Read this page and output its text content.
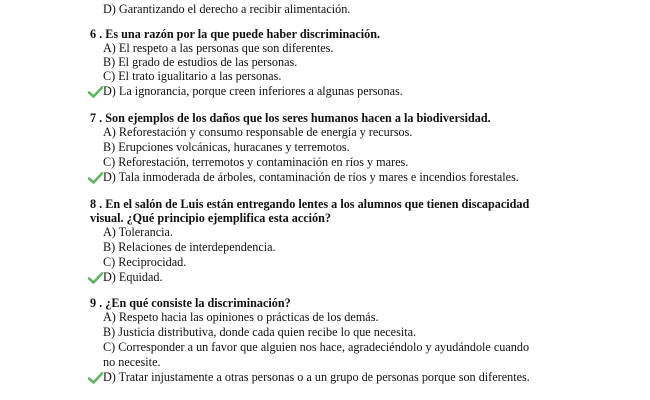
D) Garantizando el derecho a recibir alimentación.
6 . Es una razón por la que puede haber discriminación.
A) El respeto a las personas que son diferentes.
B) El grado de estudios de las personas.
C) El trato igualitario a las personas.
D) La ignorancia, porque creen inferiores a algunas personas.
7 . Son ejemplos de los daños que los seres humanos hacen a la biodiversidad.
A) Reforestación y consumo responsable de energía y recursos.
B) Erupciones volcánicas, huracanes y terremotos.
C) Reforestación, terremotos y contaminación en ríos y mares.
D) Tala inmoderada de árboles, contaminación de ríos y mares e incendios forestales.
8 . En el salón de Luis están entregando lentes a los alumnos que tienen discapacidad
visual. ¿Qué principio ejemplifica esta acción?
A) Tolerancia.
B) Relaciones de interdependencia.
C) Reciprocidad.
D) Equidad.
9 . ¿En qué consiste la discriminación?
A) Respeto hacia las opiniones o prácticas de los demás.
B) Justicia distributiva, donde cada quien recibe lo que necesita.
C) Corresponder a un favor que alguien nos hace, agradeciéndolo y ayudándole cuando
no necesite.
D) Tratar injustamente a otras personas o a un grupo de personas porque son diferentes.
